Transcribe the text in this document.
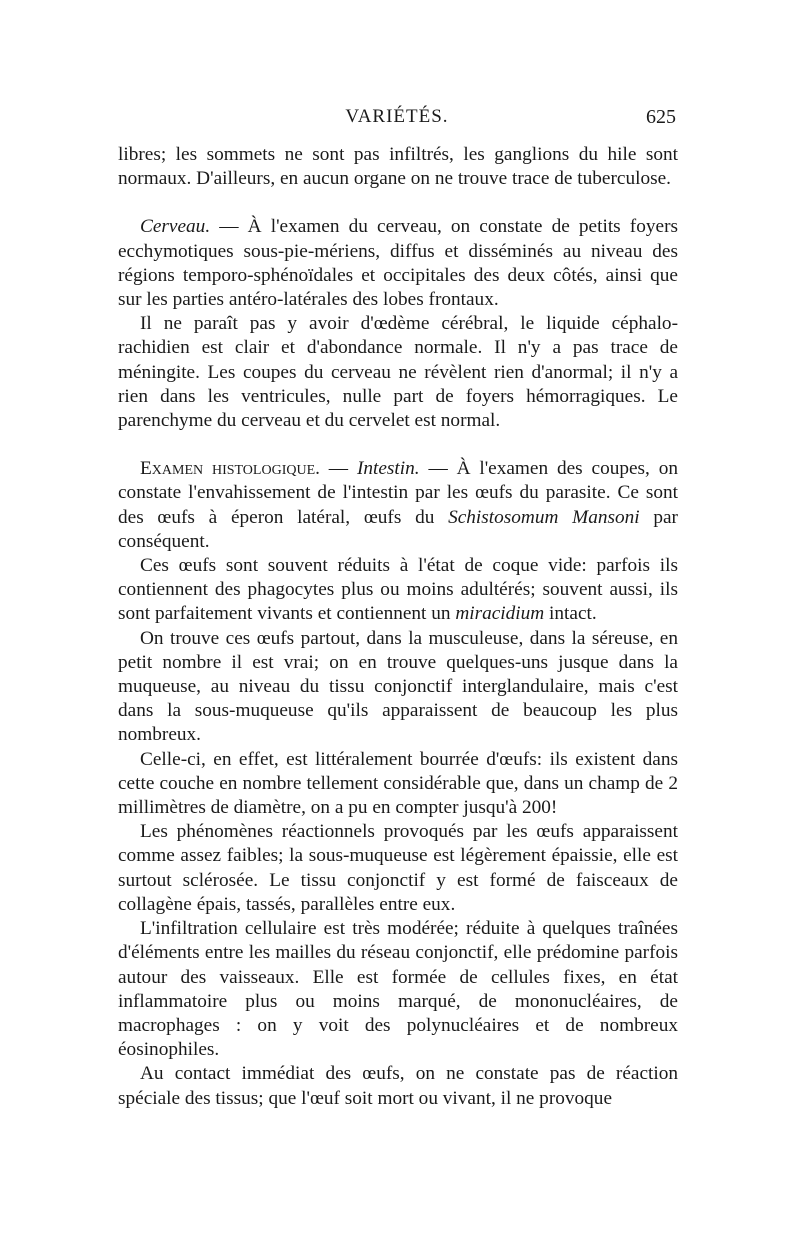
VARIÉTÉS.	625

libres; les sommets ne sont pas infiltrés, les ganglions du hile sont normaux. D'ailleurs, en aucun organe on ne trouve trace de tuberculose.

Cerveau. — À l'examen du cerveau, on constate de petits foyers ecchymotiques sous-pie-mériens, diffus et disséminés au niveau des régions temporo-sphénoïdales et occipitales des deux côtés, ainsi que sur les parties antéro-latérales des lobes frontaux.

Il ne paraît pas y avoir d'œdème cérébral, le liquide céphalo-rachidien est clair et d'abondance normale. Il n'y a pas trace de méningite. Les coupes du cerveau ne révèlent rien d'anormal; il n'y a rien dans les ventricules, nulle part de foyers hémorragiques. Le parenchyme du cerveau et du cervelet est normal.

Examen histologique. — Intestin. — À l'examen des coupes, on constate l'envahissement de l'intestin par les œufs du parasite. Ce sont des œufs à éperon latéral, œufs du Schistosomum Mansoni par conséquent.

Ces œufs sont souvent réduits à l'état de coque vide: parfois ils contiennent des phagocytes plus ou moins adultérés; souvent aussi, ils sont parfaitement vivants et contiennent un miracidium intact.

On trouve ces œufs partout, dans la musculeuse, dans la séreuse, en petit nombre il est vrai; on en trouve quelques-uns jusque dans la muqueuse, au niveau du tissu conjonctif interglandulaire, mais c'est dans la sous-muqueuse qu'ils apparaissent de beaucoup les plus nombreux.

Celle-ci, en effet, est littéralement bourrée d'œufs: ils existent dans cette couche en nombre tellement considérable que, dans un champ de 2 millimètres de diamètre, on a pu en compter jusqu'à 200!

Les phénomènes réactionnels provoqués par les œufs apparaissent comme assez faibles; la sous-muqueuse est légèrement épaissie, elle est surtout sclérosée. Le tissu conjonctif y est formé de faisceaux de collagène épais, tassés, parallèles entre eux.

L'infiltration cellulaire est très modérée; réduite à quelques traînées d'éléments entre les mailles du réseau conjonctif, elle prédomine parfois autour des vaisseaux. Elle est formée de cellules fixes, en état inflammatoire plus ou moins marqué, de mononucléaires, de macrophages : on y voit des polynucléaires et de nombreux éosinophiles.

Au contact immédiat des œufs, on ne constate pas de réaction spéciale des tissus; que l'œuf soit mort ou vivant, il ne provoque
